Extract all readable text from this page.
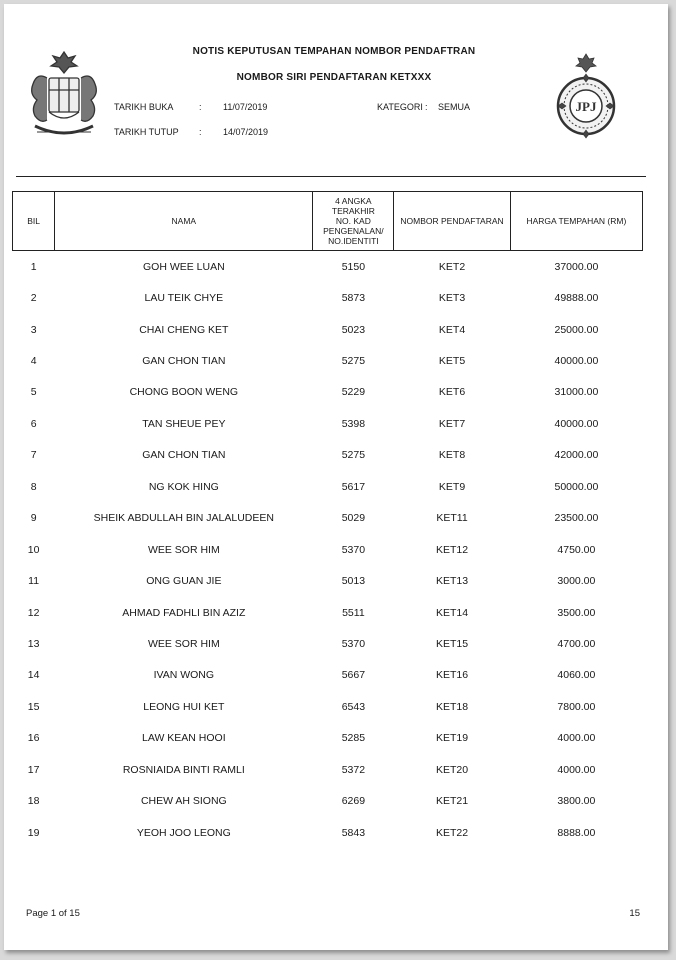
NOTIS KEPUTUSAN TEMPAHAN NOMBOR PENDAFTRAN
NOMBOR SIRI PENDAFTARAN KETXXX
TARIKH BUKA	: 11/07/2019	KATEGORI : SEMUA
TARIKH TUTUP : 14/07/2019
JPJ
BIL	NAMA	4 ANGKA TERAKHIR
NO. KAD
PENGENALAN/
NO.IDENTITI	NOMBOR PENDAFTARAN	HARGA TEMPAHAN (RM)
1	GOH WEE LUAN	5150	KET2	37000.00
2	LAU TEIK CHYE	5873	KET3	49888.00
3	CHAI CHENG KET	5023	KET4	25000.00
4	GAN CHON TIAN	5275	KET5	40000.00
5	CHONG BOON WENG	5229	KET6	31000.00
6	TAN SHEUE PEY	5398	KET7	40000.00
7	GAN CHON TIAN	5275	KET8	42000.00
8	NG KOK HING	5617	KET9	50000.00
9	SHEIK ABDULLAH BIN JALALUDEEN	5029	KET11	23500.00
10	WEE SOR HIM	5370	KET12	4750.00
11	ONG GUAN JIE	5013	KET13	3000.00
12	AHMAD FADHLI BIN AZIZ	5511	KET14	3500.00
13	WEE SOR HIM	5370	KET15	4700.00
14	IVAN WONG	5667	KET16	4060.00
15	LEONG HUI KET	6543	KET18	7800.00
16	LAW KEAN HOOI	5285	KET19	4000.00
17	ROSNIAIDA BINTI RAMLI	5372	KET20	4000.00
18	CHEW AH SIONG	6269	KET21	3800.00
19	YEOH JOO LEONG	5843	KET22	8888.00
Page 1 of 15	15
